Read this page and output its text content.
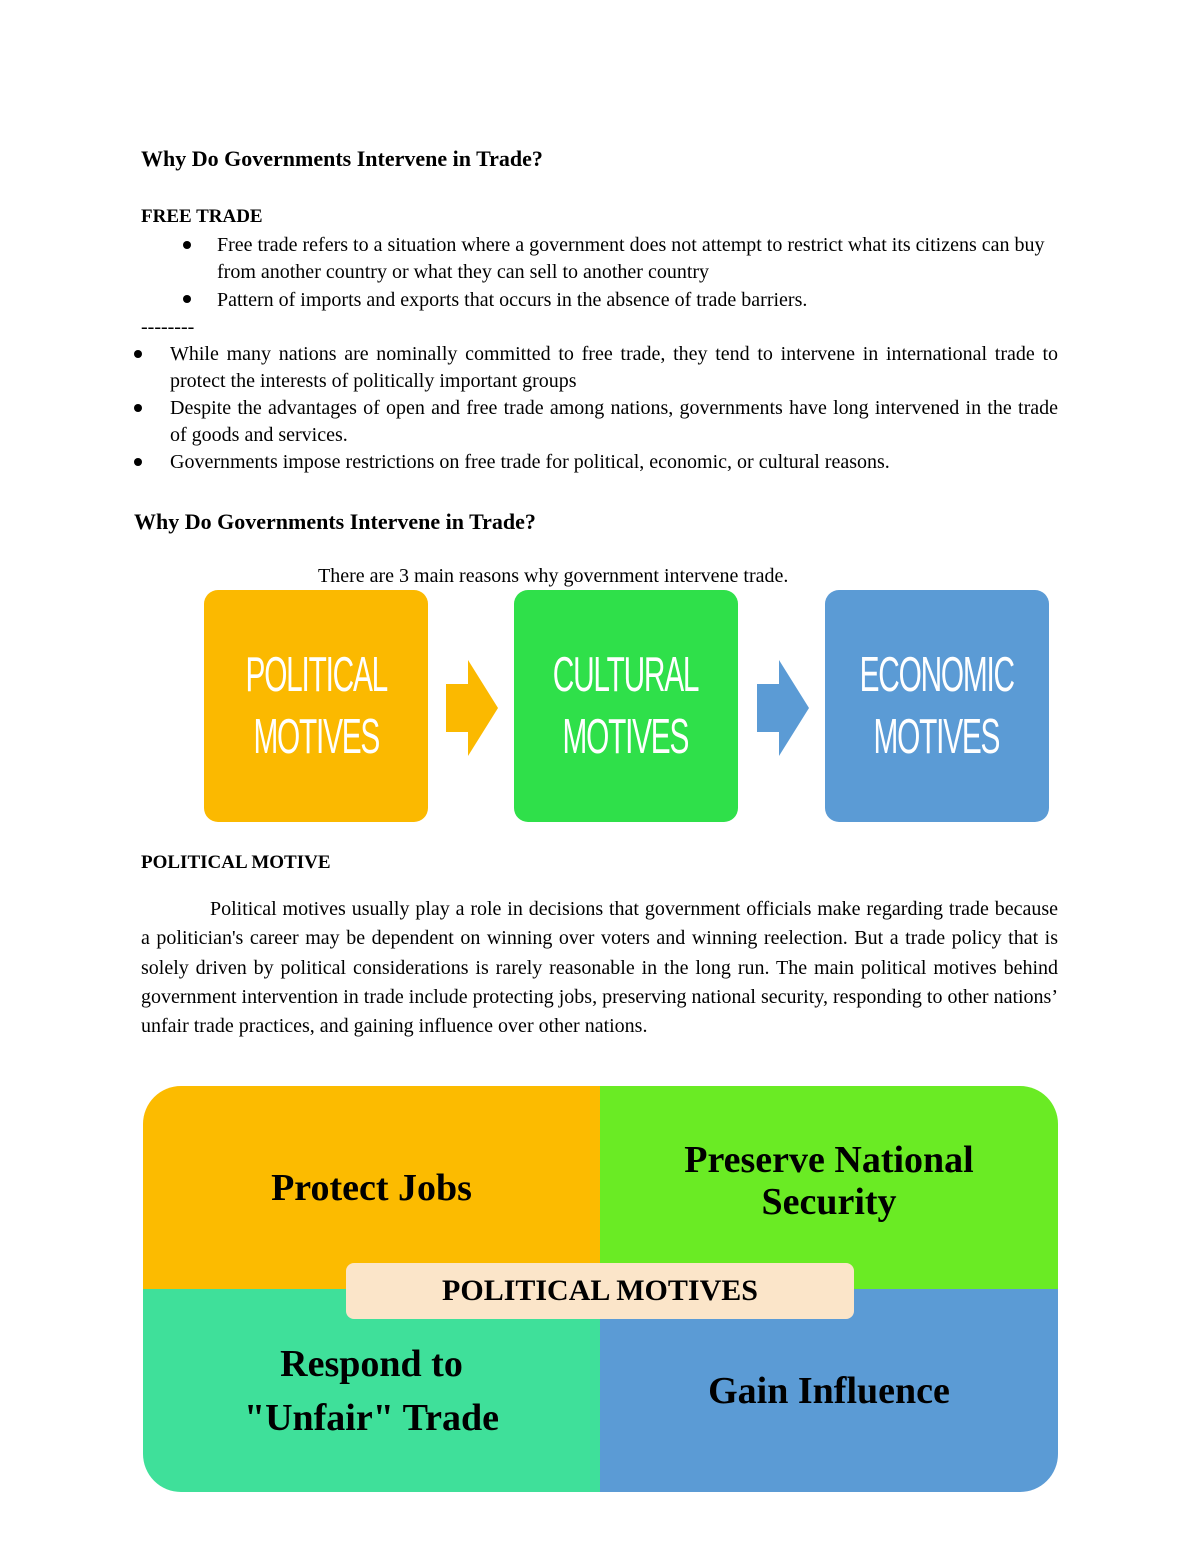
Why Do Governments Intervene in Trade?
FREE TRADE
Free trade refers to a situation where a government does not attempt to restrict what its citizens can buy from another country or what they can sell to another country
Pattern of imports and exports that occurs in the absence of trade barriers.
--------
While many nations are nominally committed to free trade, they tend to intervene in international trade to protect the interests of politically important groups
Despite the advantages of open and free trade among nations, governments have long intervened in the trade of goods and services.
Governments impose restrictions on free trade for political, economic, or cultural reasons.
Why Do Governments Intervene in Trade?
There are 3 main reasons why government intervene trade.
POLITICAL
MOTIVES
CULTURAL
MOTIVES
ECONOMIC
MOTIVES
POLITICAL MOTIVE
Political motives usually play a role in decisions that government officials make regarding trade because a politician's career may be dependent on winning over voters and winning reelection. But a trade policy that is solely driven by political considerations is rarely reasonable in the long run. The main political motives behind government intervention in trade include protecting jobs, preserving national security, responding to other nations’ unfair trade practices, and gaining influence over other nations.
Protect Jobs
Preserve National
Security
Respond to
"Unfair" Trade
Gain Influence
POLITICAL MOTIVES
